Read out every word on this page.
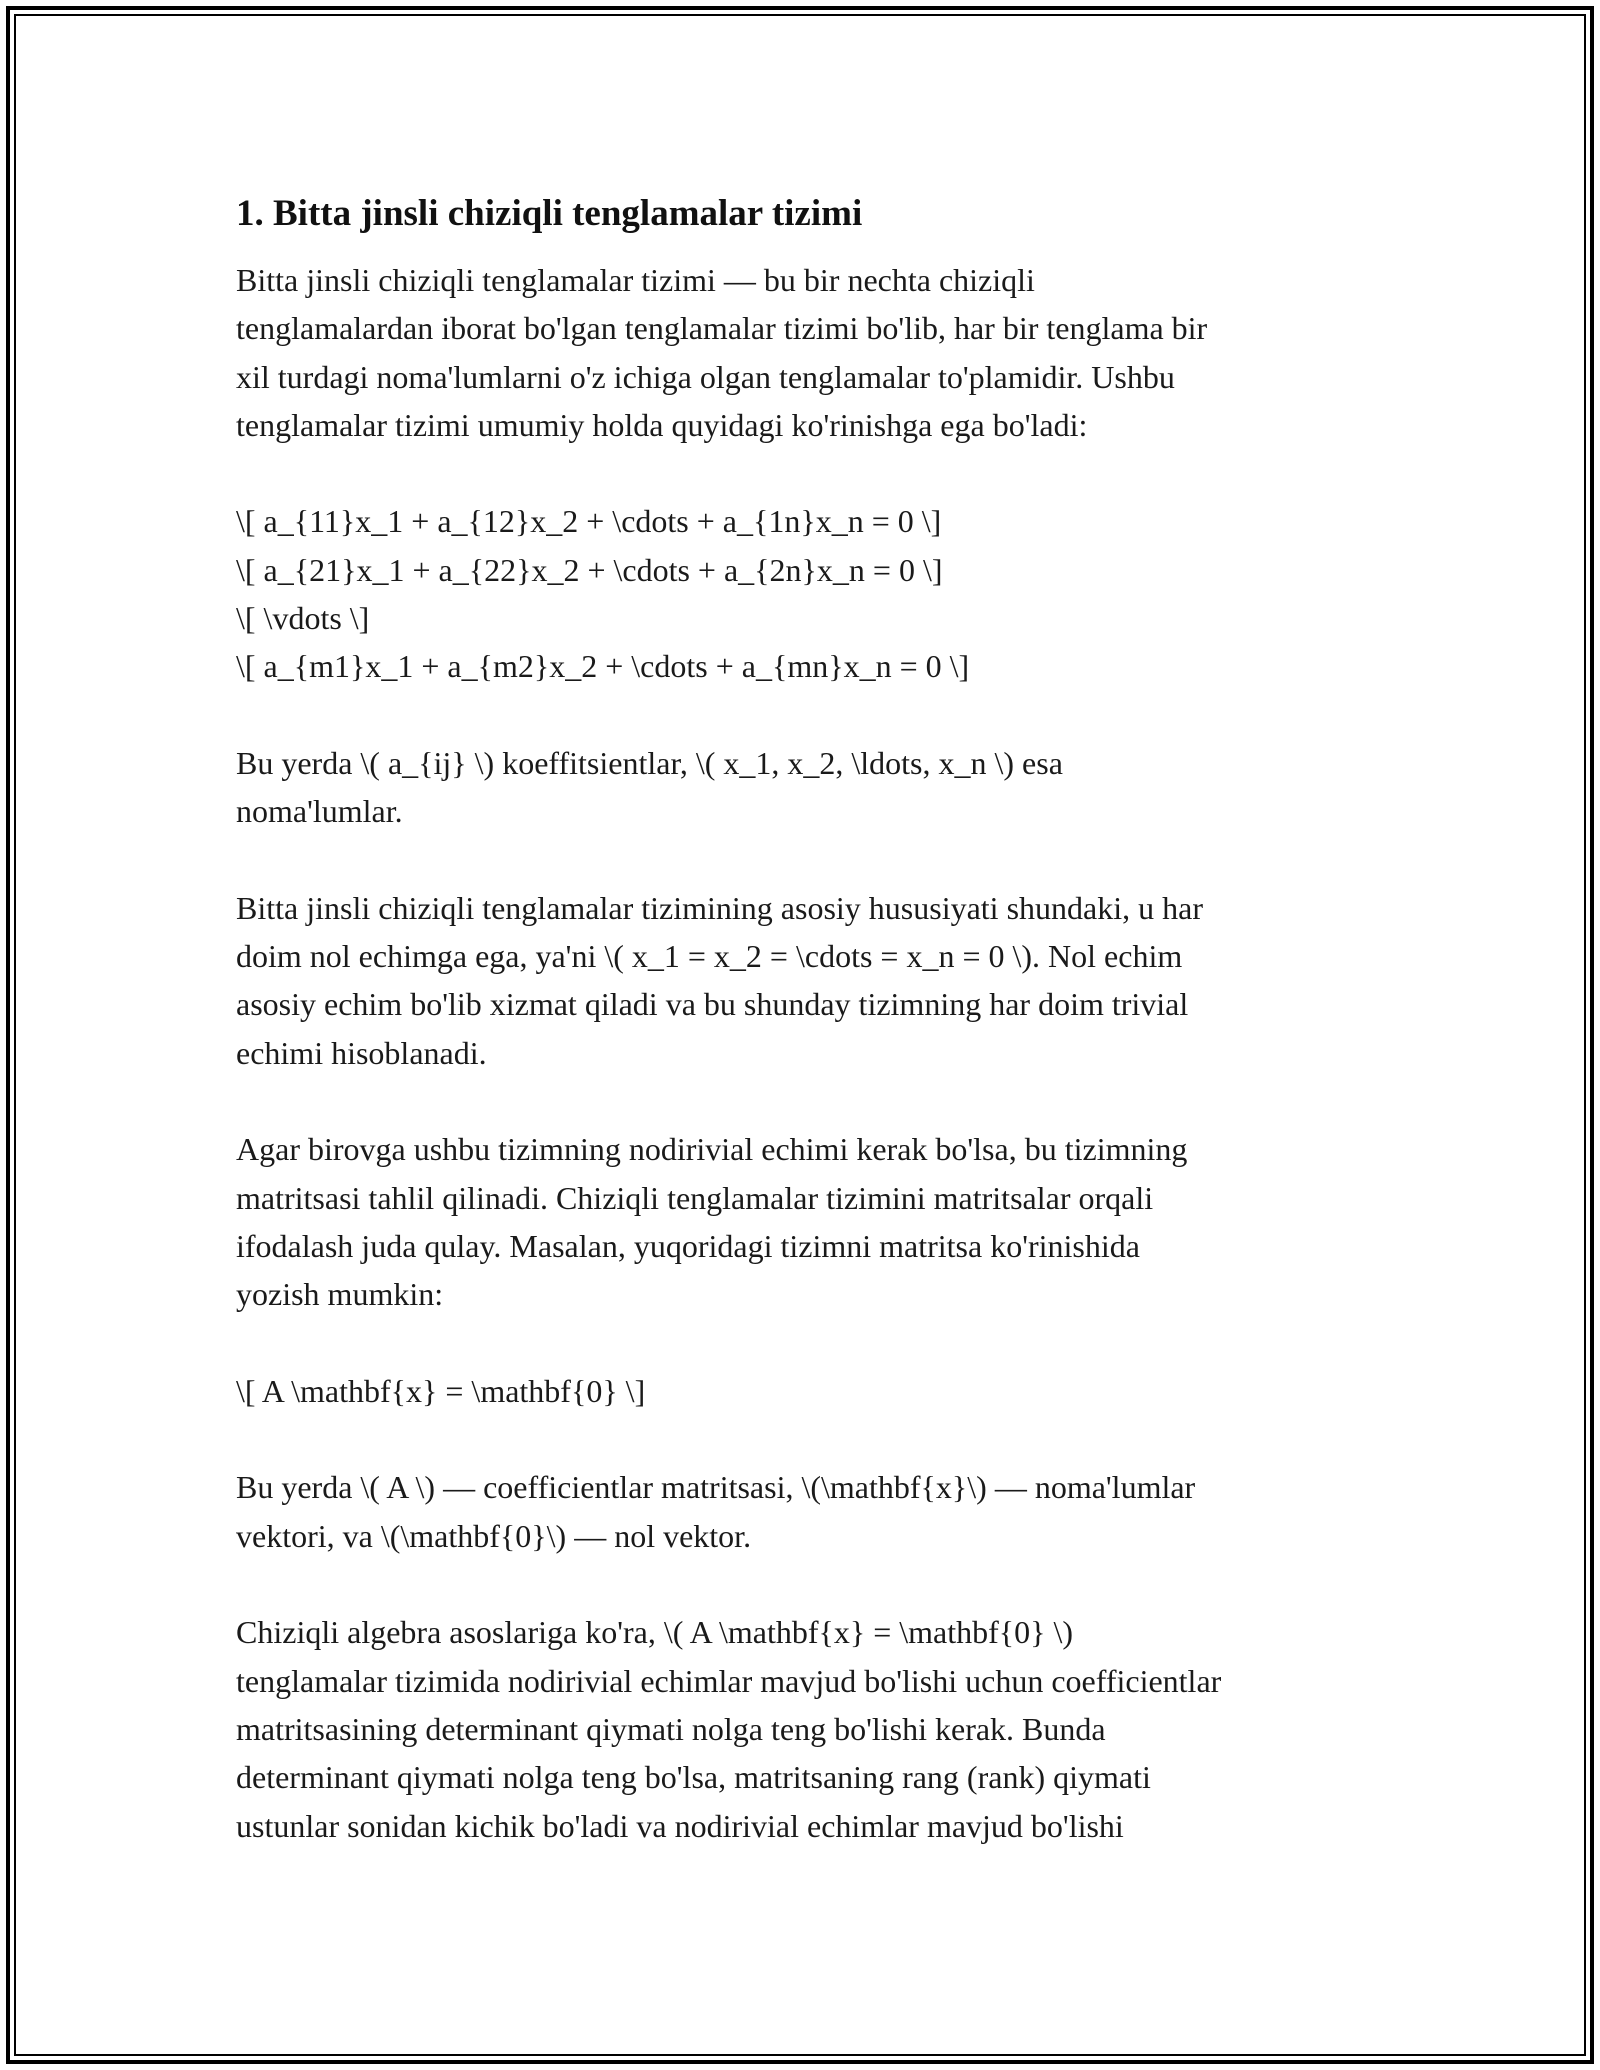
1. Bitta jinsli chiziqli tenglamalar tizimi

Bitta jinsli chiziqli tenglamalar tizimi — bu bir nechta chiziqli
tenglamalardan iborat bo'lgan tenglamalar tizimi bo'lib, har bir tenglama bir
xil turdagi noma'lumlarni o'z ichiga olgan tenglamalar to'plamidir. Ushbu
tenglamalar tizimi umumiy holda quyidagi ko'rinishga ega bo'ladi:

\[ a_{11}x_1 + a_{12}x_2 + \cdots + a_{1n}x_n = 0 \]
\[ a_{21}x_1 + a_{22}x_2 + \cdots + a_{2n}x_n = 0 \]
\[ \vdots \]
\[ a_{m1}x_1 + a_{m2}x_2 + \cdots + a_{mn}x_n = 0 \]

Bu yerda \( a_{ij} \) koeffitsientlar, \( x_1, x_2, \ldots, x_n \) esa
noma'lumlar.

Bitta jinsli chiziqli tenglamalar tizimining asosiy hususiyati shundaki, u har
doim nol echimga ega, ya'ni \( x_1 = x_2 = \cdots = x_n = 0 \). Nol echim
asosiy echim bo'lib xizmat qiladi va bu shunday tizimning har doim trivial
echimi hisoblanadi.

Agar birovga ushbu tizimning nodirivial echimi kerak bo'lsa, bu tizimning
matritsasi tahlil qilinadi. Chiziqli tenglamalar tizimini matritsalar orqali
ifodalash juda qulay. Masalan, yuqoridagi tizimni matritsa ko'rinishida
yozish mumkin:

\[ A \mathbf{x} = \mathbf{0} \]

Bu yerda \( A \) — coefficientlar matritsasi, \(\mathbf{x}\) — noma'lumlar
vektori, va \(\mathbf{0}\) — nol vektor.

Chiziqli algebra asoslariga ko'ra, \( A \mathbf{x} = \mathbf{0} \)
tenglamalar tizimida nodirivial echimlar mavjud bo'lishi uchun coefficientlar
matritsasining determinant qiymati nolga teng bo'lishi kerak. Bunda
determinant qiymati nolga teng bo'lsa, matritsaning rang (rank) qiymati
ustunlar sonidan kichik bo'ladi va nodirivial echimlar mavjud bo'lishi
